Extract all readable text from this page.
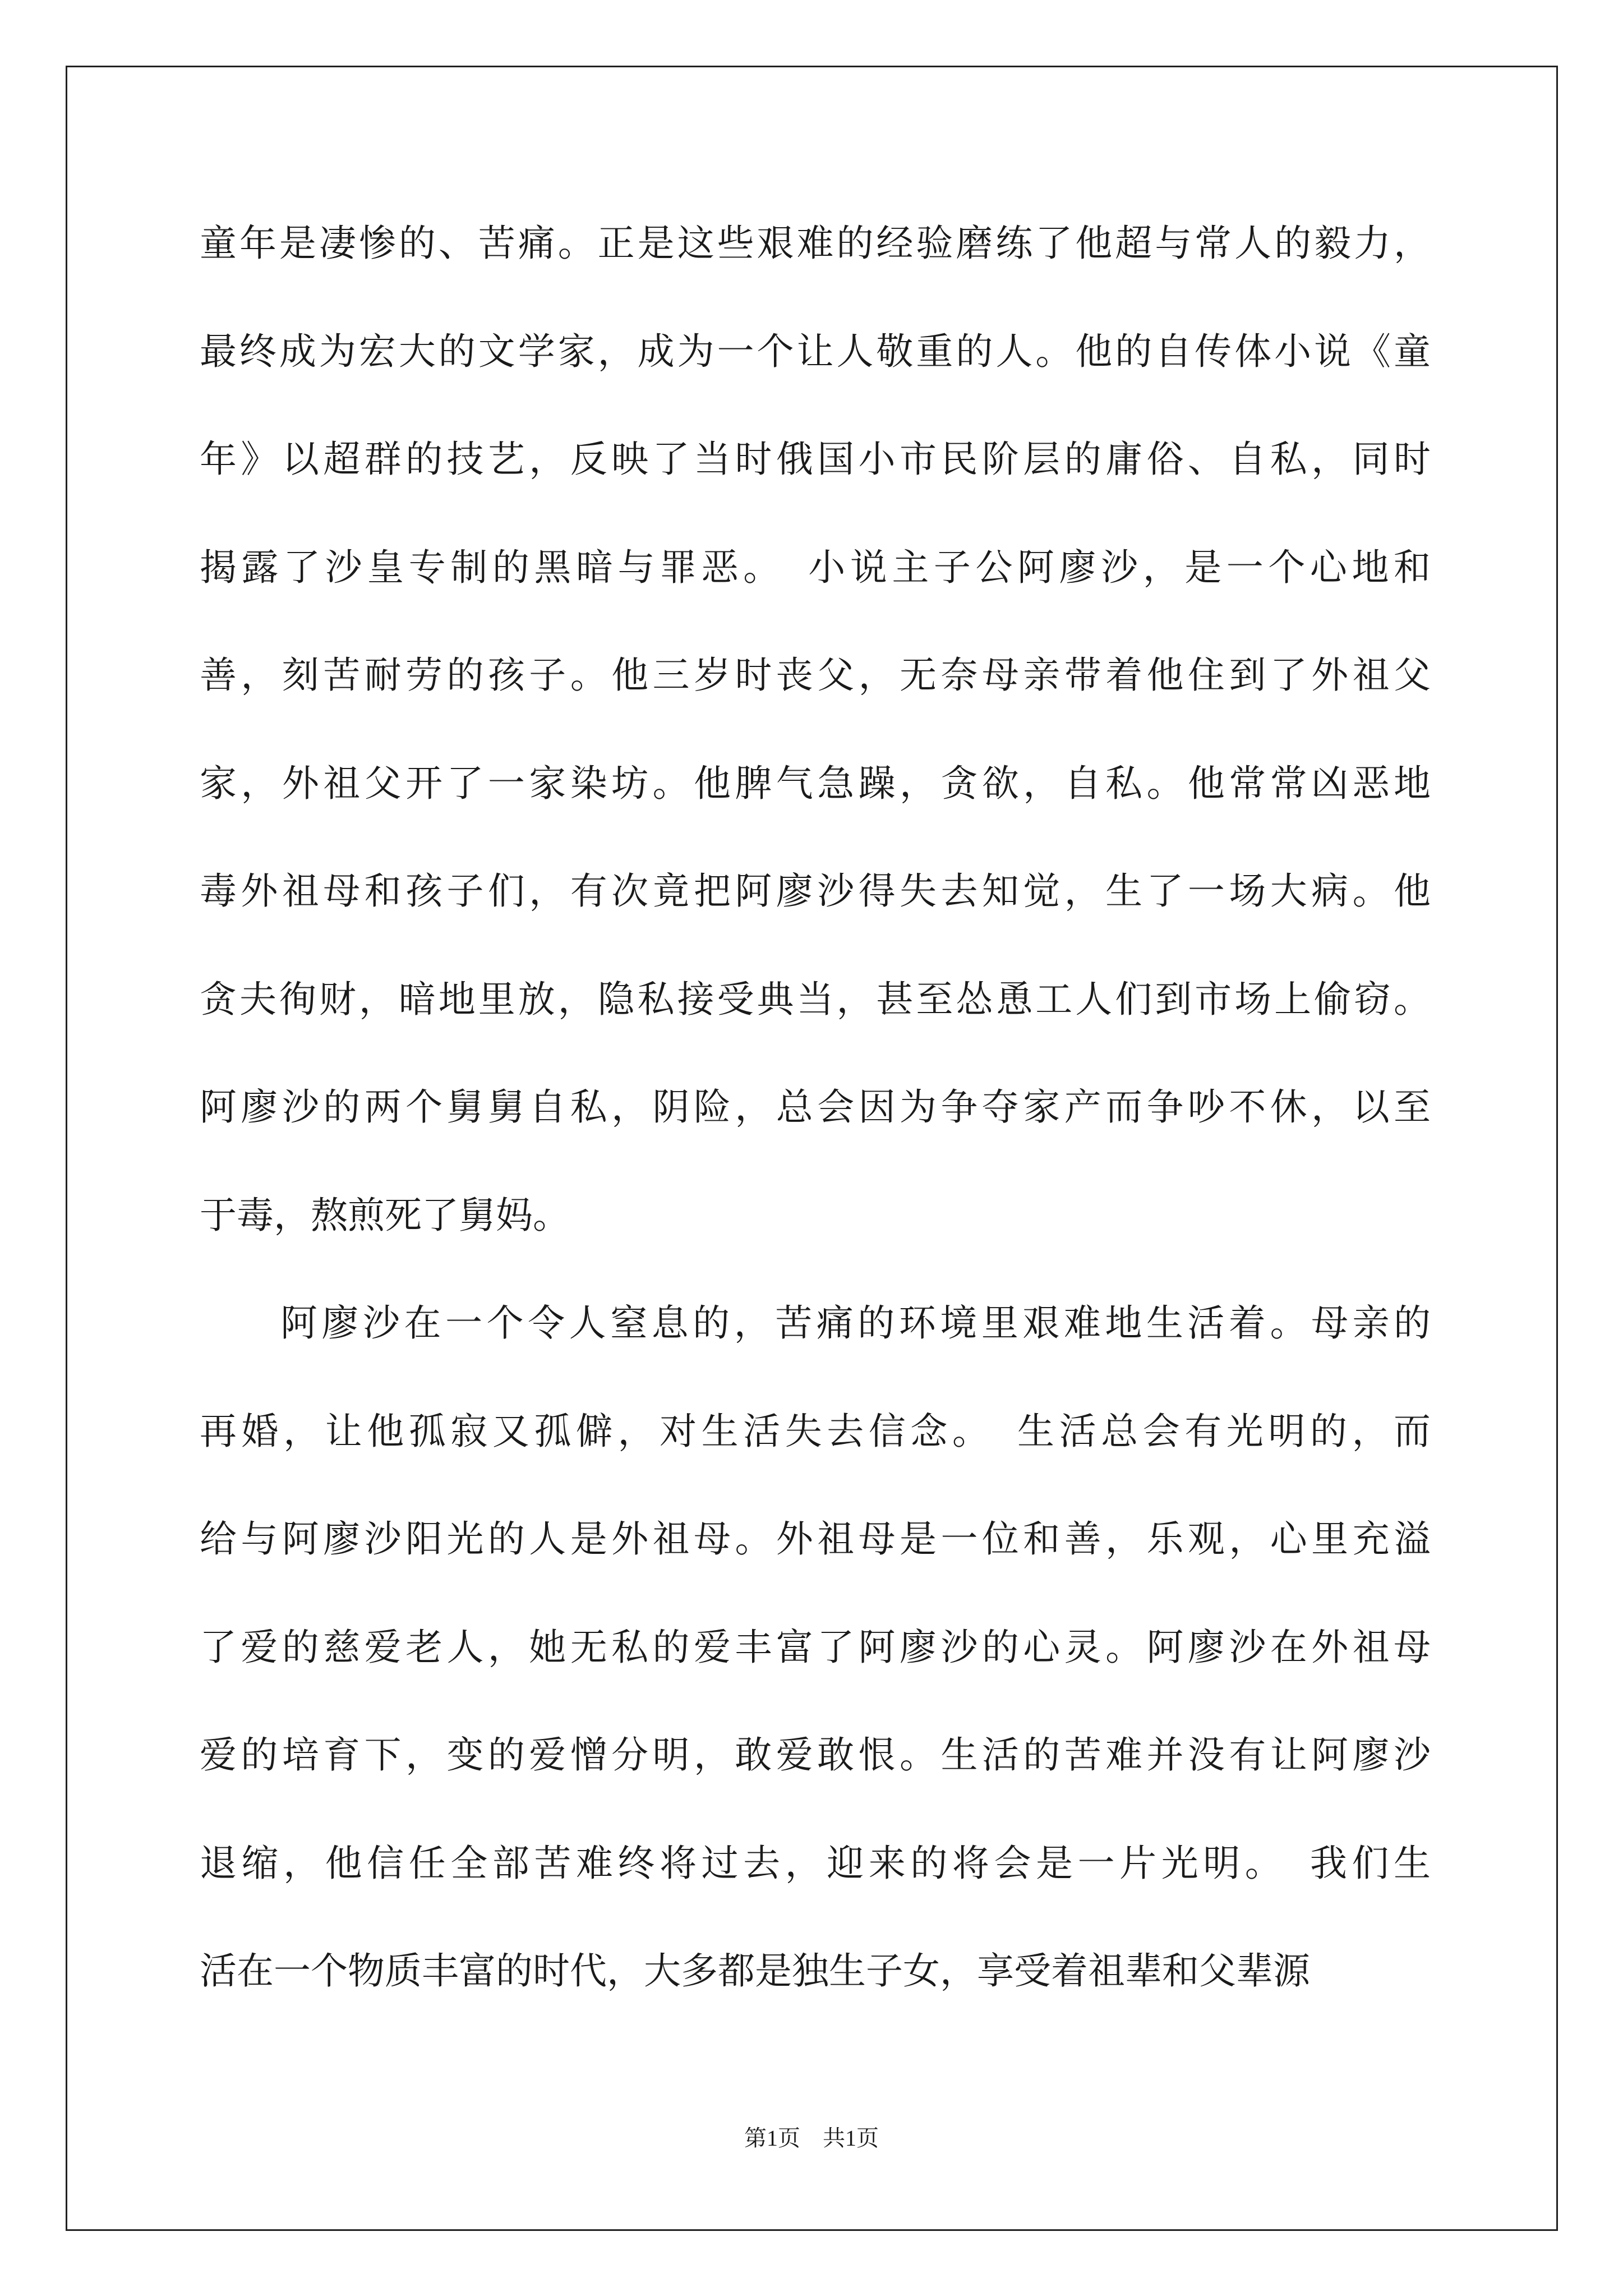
童年是凄惨的、苦痛。正是这些艰难的经验磨练了他超与常人的毅力，
最终成为宏大的文学家，成为一个让人敬重的人。他的自传体小说《童
年》以超群的技艺，反映了当时俄国小市民阶层的庸俗、自私，同时
揭露了沙皇专制的黑暗与罪恶。　小说主子公阿廖沙，是一个心地和
善，刻苦耐劳的孩子。他三岁时丧父，无奈母亲带着他住到了外祖父
家，外祖父开了一家染坊。他脾气急躁，贪欲，自私。他常常凶恶地
毒外祖母和孩子们，有次竟把阿廖沙得失去知觉，生了一场大病。他
贪夫徇财，暗地里放，隐私接受典当，甚至怂恿工人们到市场上偷窃。
阿廖沙的两个舅舅自私，阴险，总会因为争夺家产而争吵不休，以至
于毒，熬煎死了舅妈。
阿廖沙在一个令人窒息的，苦痛的环境里艰难地生活着。母亲的
再婚，让他孤寂又孤僻，对生活失去信念。　生活总会有光明的，而
给与阿廖沙阳光的人是外祖母。外祖母是一位和善，乐观，心里充溢
了爱的慈爱老人，她无私的爱丰富了阿廖沙的心灵。阿廖沙在外祖母
爱的培育下，变的爱憎分明，敢爱敢恨。生活的苦难并没有让阿廖沙
退缩，他信任全部苦难终将过去，迎来的将会是一片光明。　我们生
活在一个物质丰富的时代，大多都是独生子女，享受着祖辈和父辈源
第1页　共1页
